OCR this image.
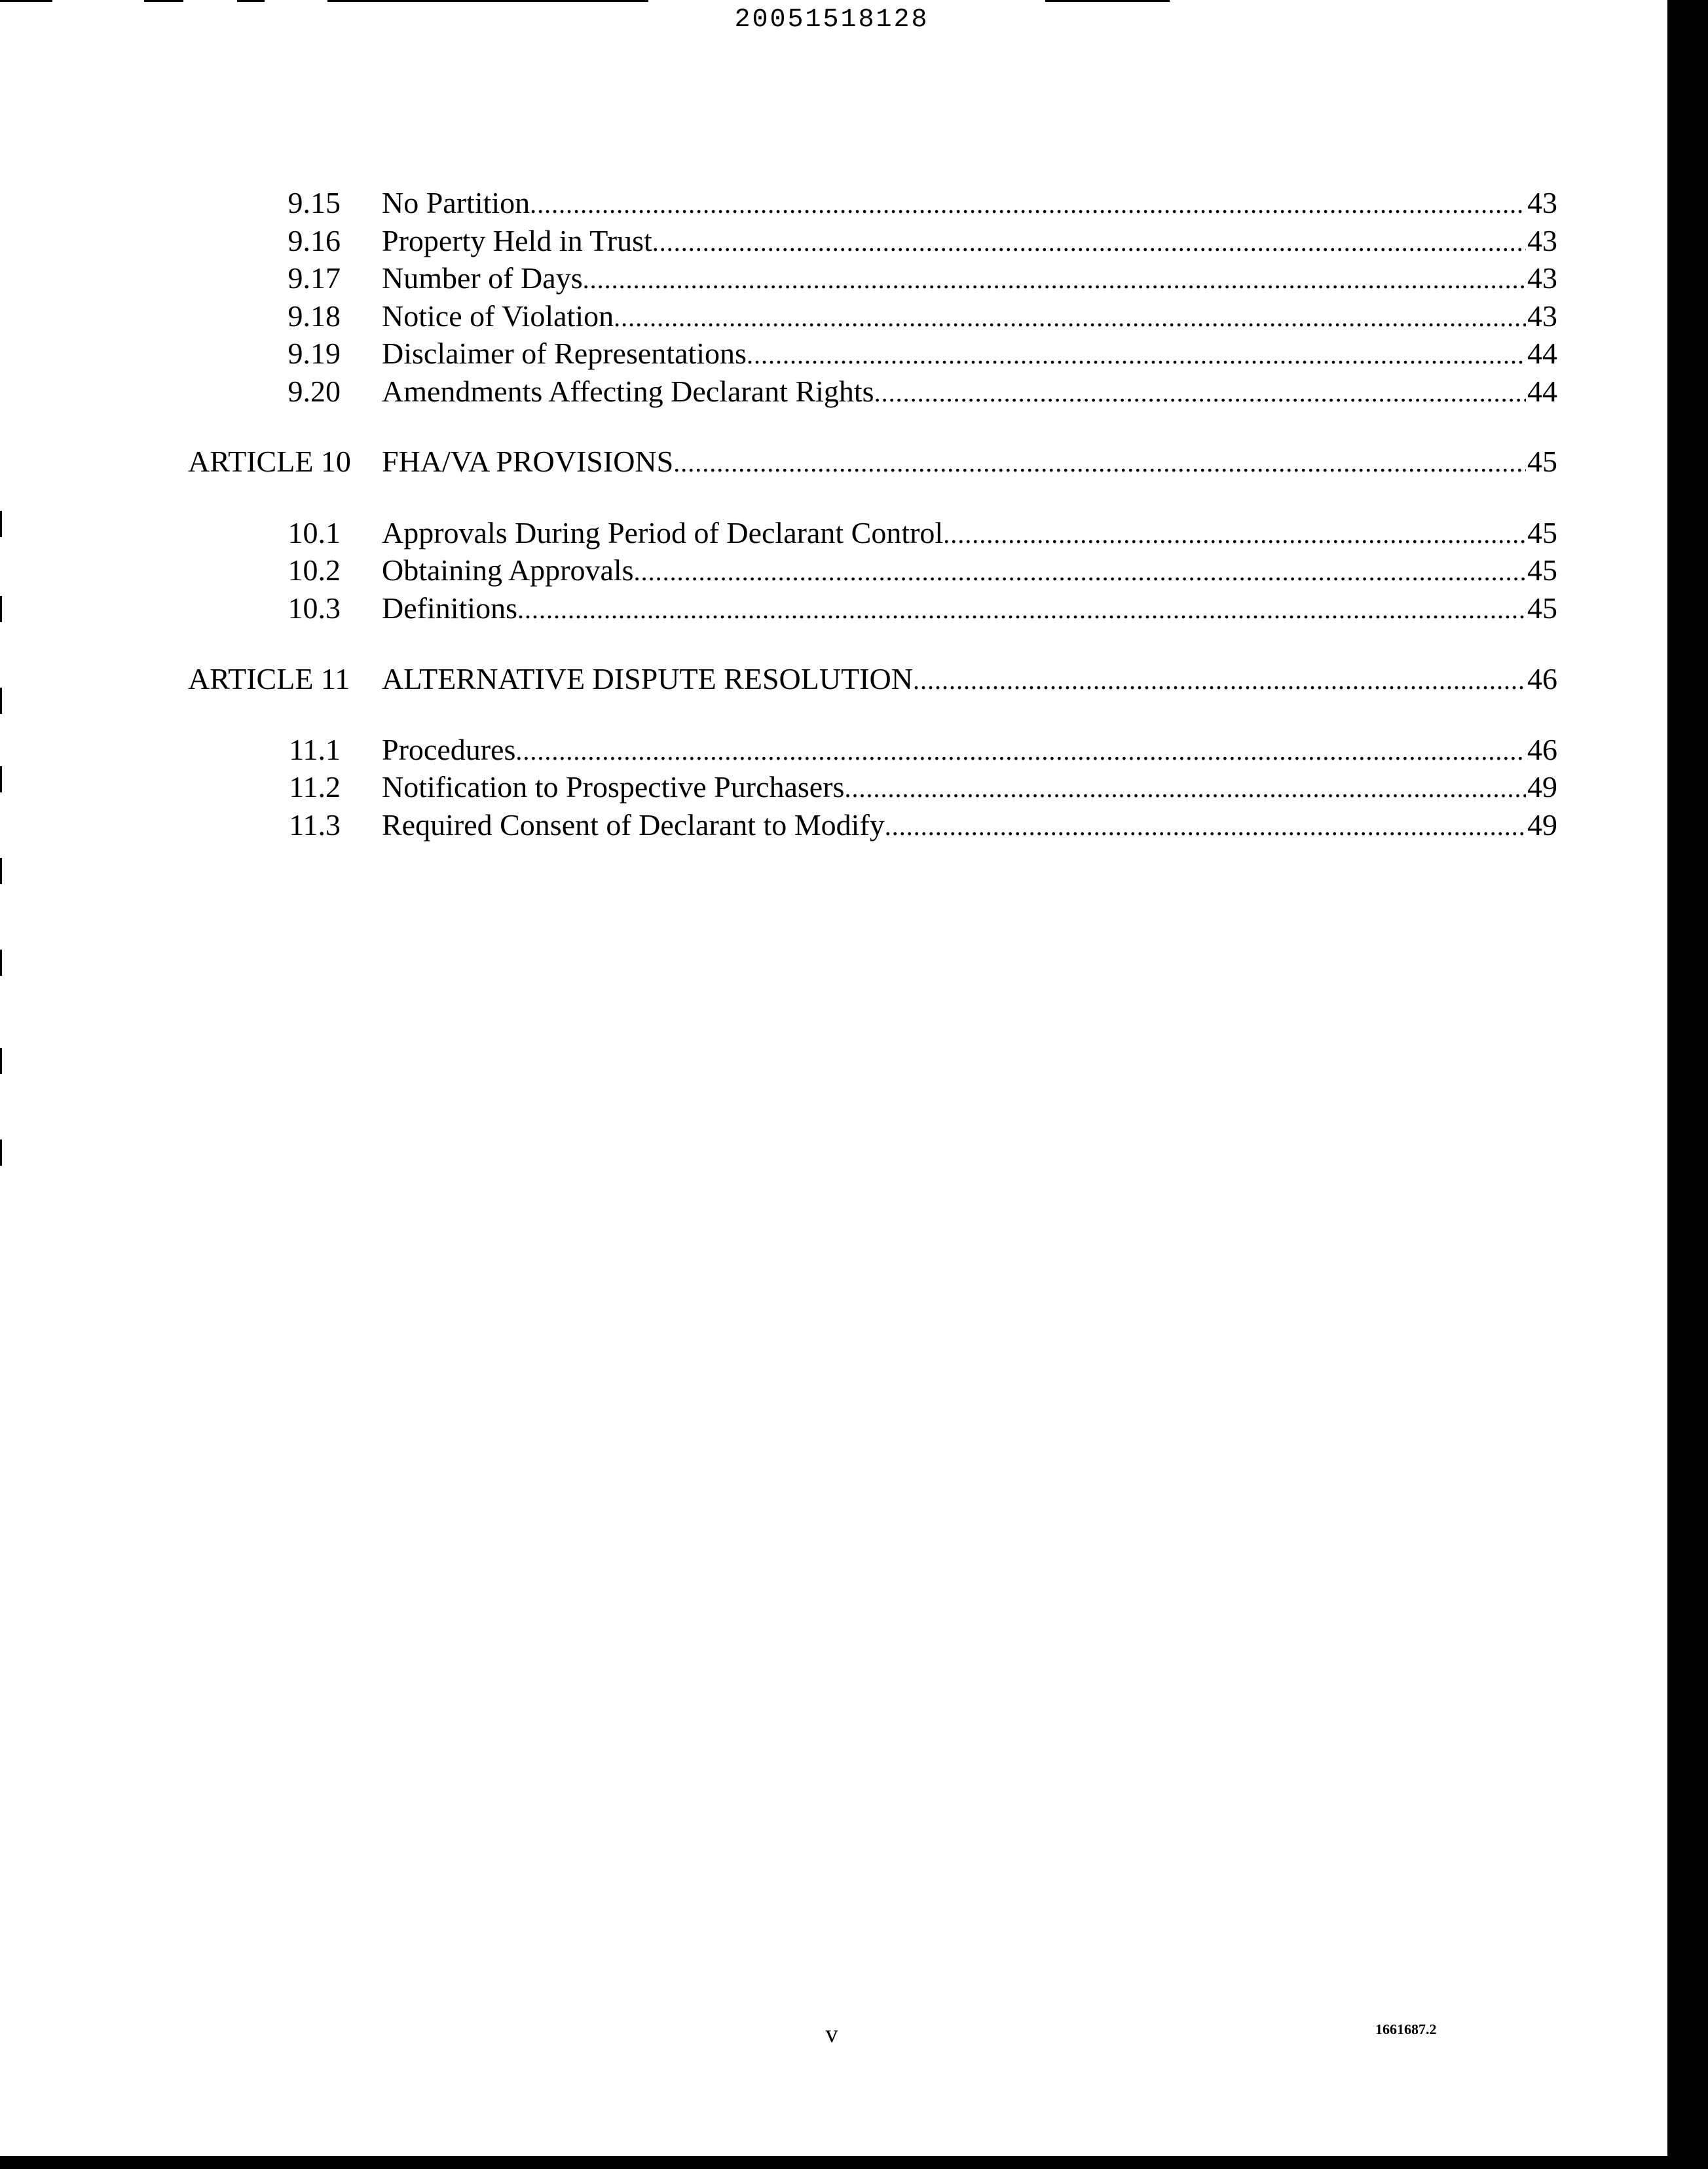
20051518128
9.15 No Partition .....	43
9.16 Property Held in Trust .....	43
9.17 Number of Days .....	43
9.18 Notice of Violation .....	43
9.19 Disclaimer of Representations .....	44
9.20 Amendments Affecting Declarant Rights .....	44
ARTICLE 10 FHA/VA PROVISIONS .....	45
10.1 Approvals During Period of Declarant Control .....	45
10.2 Obtaining Approvals .....	45
10.3 Definitions .....	45
ARTICLE 11 ALTERNATIVE DISPUTE RESOLUTION .....	46
11.1 Procedures .....	46
11.2 Notification to Prospective Purchasers .....	49
11.3 Required Consent of Declarant to Modify .....	49
v	1661687.2
